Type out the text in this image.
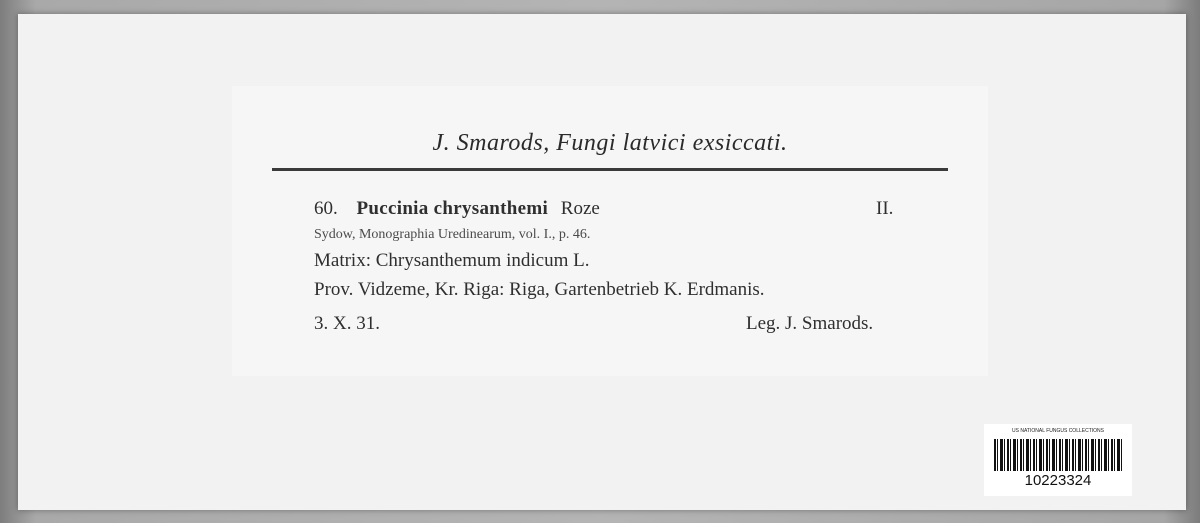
J. Smarods, Fungi latvici exsiccati.
60. Puccinia chrysanthemi Roze	II.
Sydow, Monographia Uredinearum, vol. I., p. 46.
Matrix: Chrysanthemum indicum L.
Prov. Vidzeme, Kr. Riga: Riga, Gartenbetrieb K. Erdmanis.
3. X. 31.	Leg. J. Smarods.
US NATIONAL FUNGUS COLLECTIONS
10223324
